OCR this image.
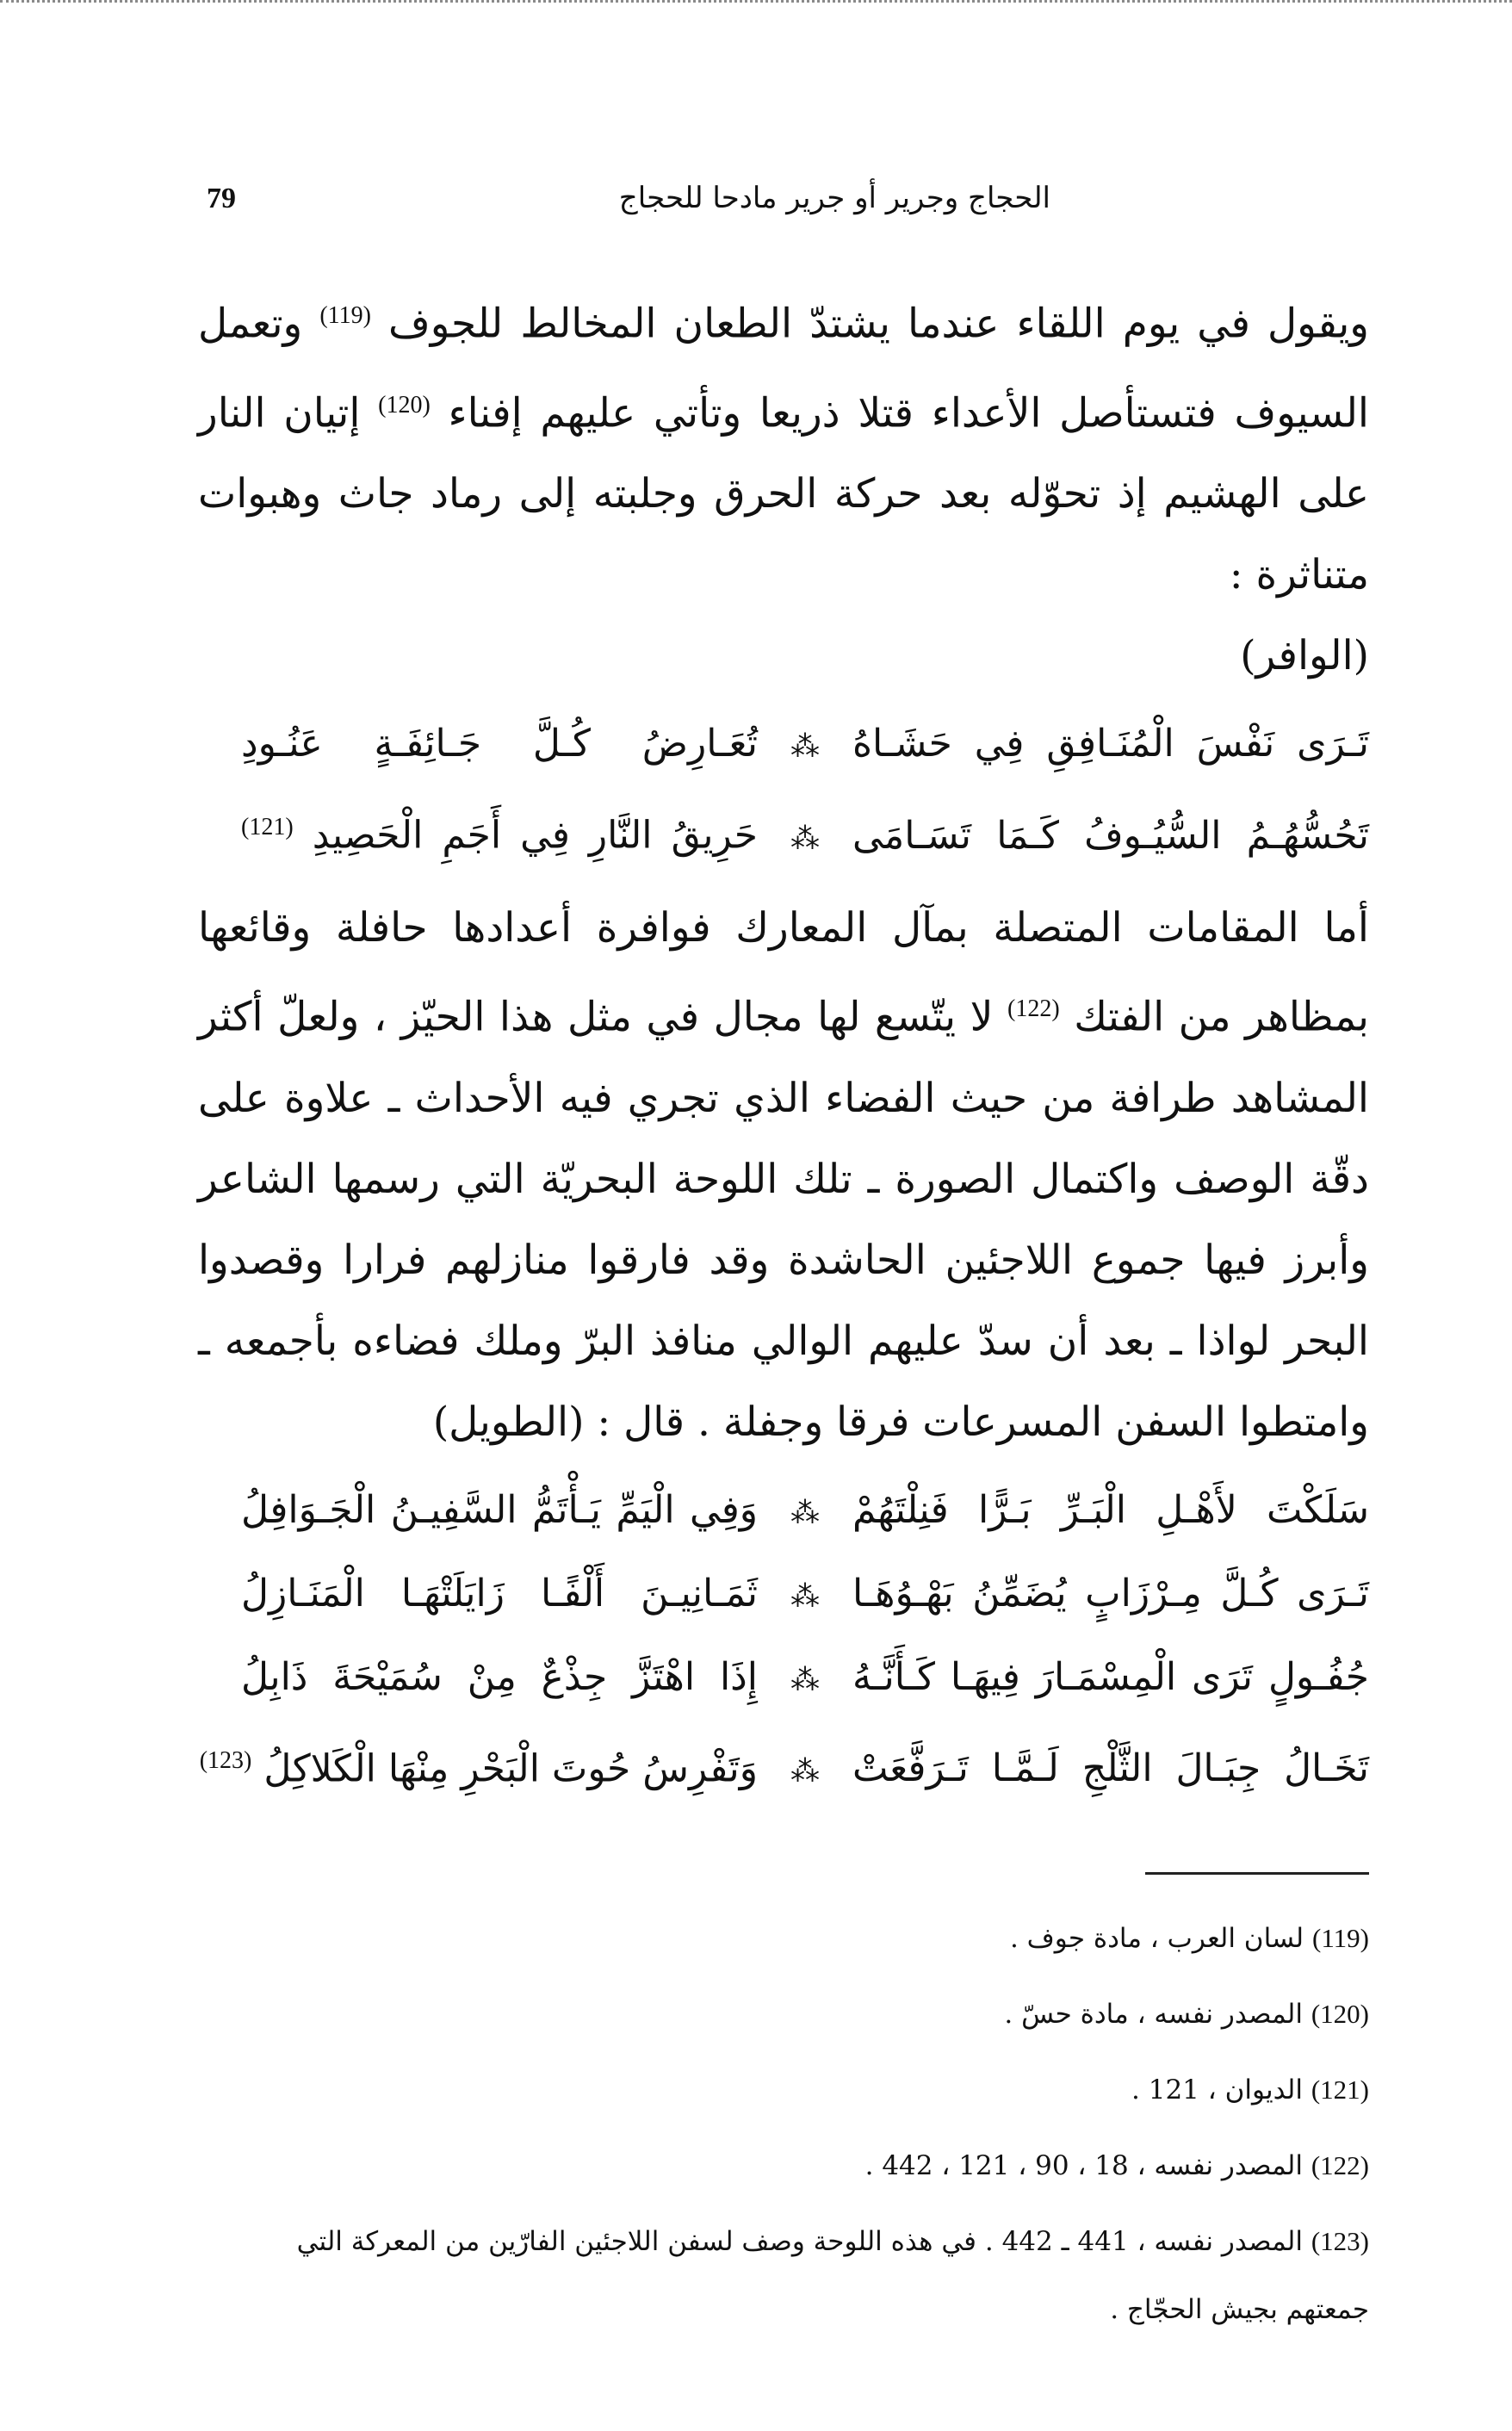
الحجاج وجرير أو جرير مادحا للحجاج
79

ويقول في يوم اللقاء عندما يشتدّ الطعان المخالط للجوف $^{(119)}$ وتعمل السيوف فتستأصل الأعداء قتلا ذريعا وتأتي عليهم إفناء $^{(120)}$ إتيان النار على الهشيم إذ تحوّله بعد حركة الحرق وجلبته إلى رماد جاث وهبوات متناثرة :

(الوافر)
تَـرَى نَفْسَ الْمُنَـافِقِ فِي حَشَـاهُ
⁂
تُعَـارِضُ كُـلَّ جَـائِفَـةٍ عَنُـودِ
تَحُسُّهُـمُ السُّيُـوفُ كَـمَا تَسَـامَى
⁂
حَرِيقُ النَّارِ فِي أَجَمِ الْحَصِيدِ $^{(121)}$

أما المقامات المتصلة بمآل المعارك فوافرة أعدادها حافلة وقائعها بمظاهر من الفتك $^{(122)}$ لا يتّسع لها مجال في مثل هذا الحيّز ، ولعلّ أكثر المشاهد طرافة من حيث الفضاء الذي تجري فيه الأحداث ـ علاوة على دقّة الوصف واكتمال الصورة ـ تلك اللوحة البحريّة التي رسمها الشاعر وأبرز فيها جموع اللاجئين الحاشدة وقد فارقوا منازلهم فرارا وقصدوا البحر لواذا ـ بعد أن سدّ عليهم الوالي منافذ البرّ وملك فضاءه بأجمعه ـ وامتطوا السفن المسرعات فرقا وجفلة . قال : (الطويل)

سَلَكْتَ لأَهْـلِ الْبَـرِّ بَـرًّا فَنِلْتَهُمْ
⁂
وَفِي الْيَمِّ يَـأْتَمُّ السَّفِيـنُ الْجَـوَافِلُ
تَـرَى كُـلَّ مِـرْزَابٍ يُضَمِّنُ بَهْـوُهَـا
⁂
ثَمَـانِيـنَ أَلْفًـا زَايَلَتْهَـا الْمَنَـازِلُ
جُفُـولٍ تَرَى الْمِسْمَـارَ فِيهَـا كَـأَنَّـهُ
⁂
إِذَا اهْتَزَّ جِذْعٌ مِنْ سُمَيْحَةَ ذَابِلُ
تَخَـالُ جِبَـالَ الثَّلْجِ لَـمَّـا تَـرَفَّعَتْ
⁂
وَتَفْرِسُ حُوتَ الْبَحْرِ مِنْهَا الْكَلاكِلُ $^{(123)}$
(119) لسان العرب ، مادة جوف .
(120) المصدر نفسه ، مادة حسّ .
(121) الديوان ، 121 .
(122) المصدر نفسه ، 18 ، 90 ، 121 ، 442 .
(123) المصدر نفسه ، 441 ـ 442 . في هذه اللوحة وصف لسفن اللاجئين الفارّين من المعركة التي
جمعتهم بجيش الحجّاج .
